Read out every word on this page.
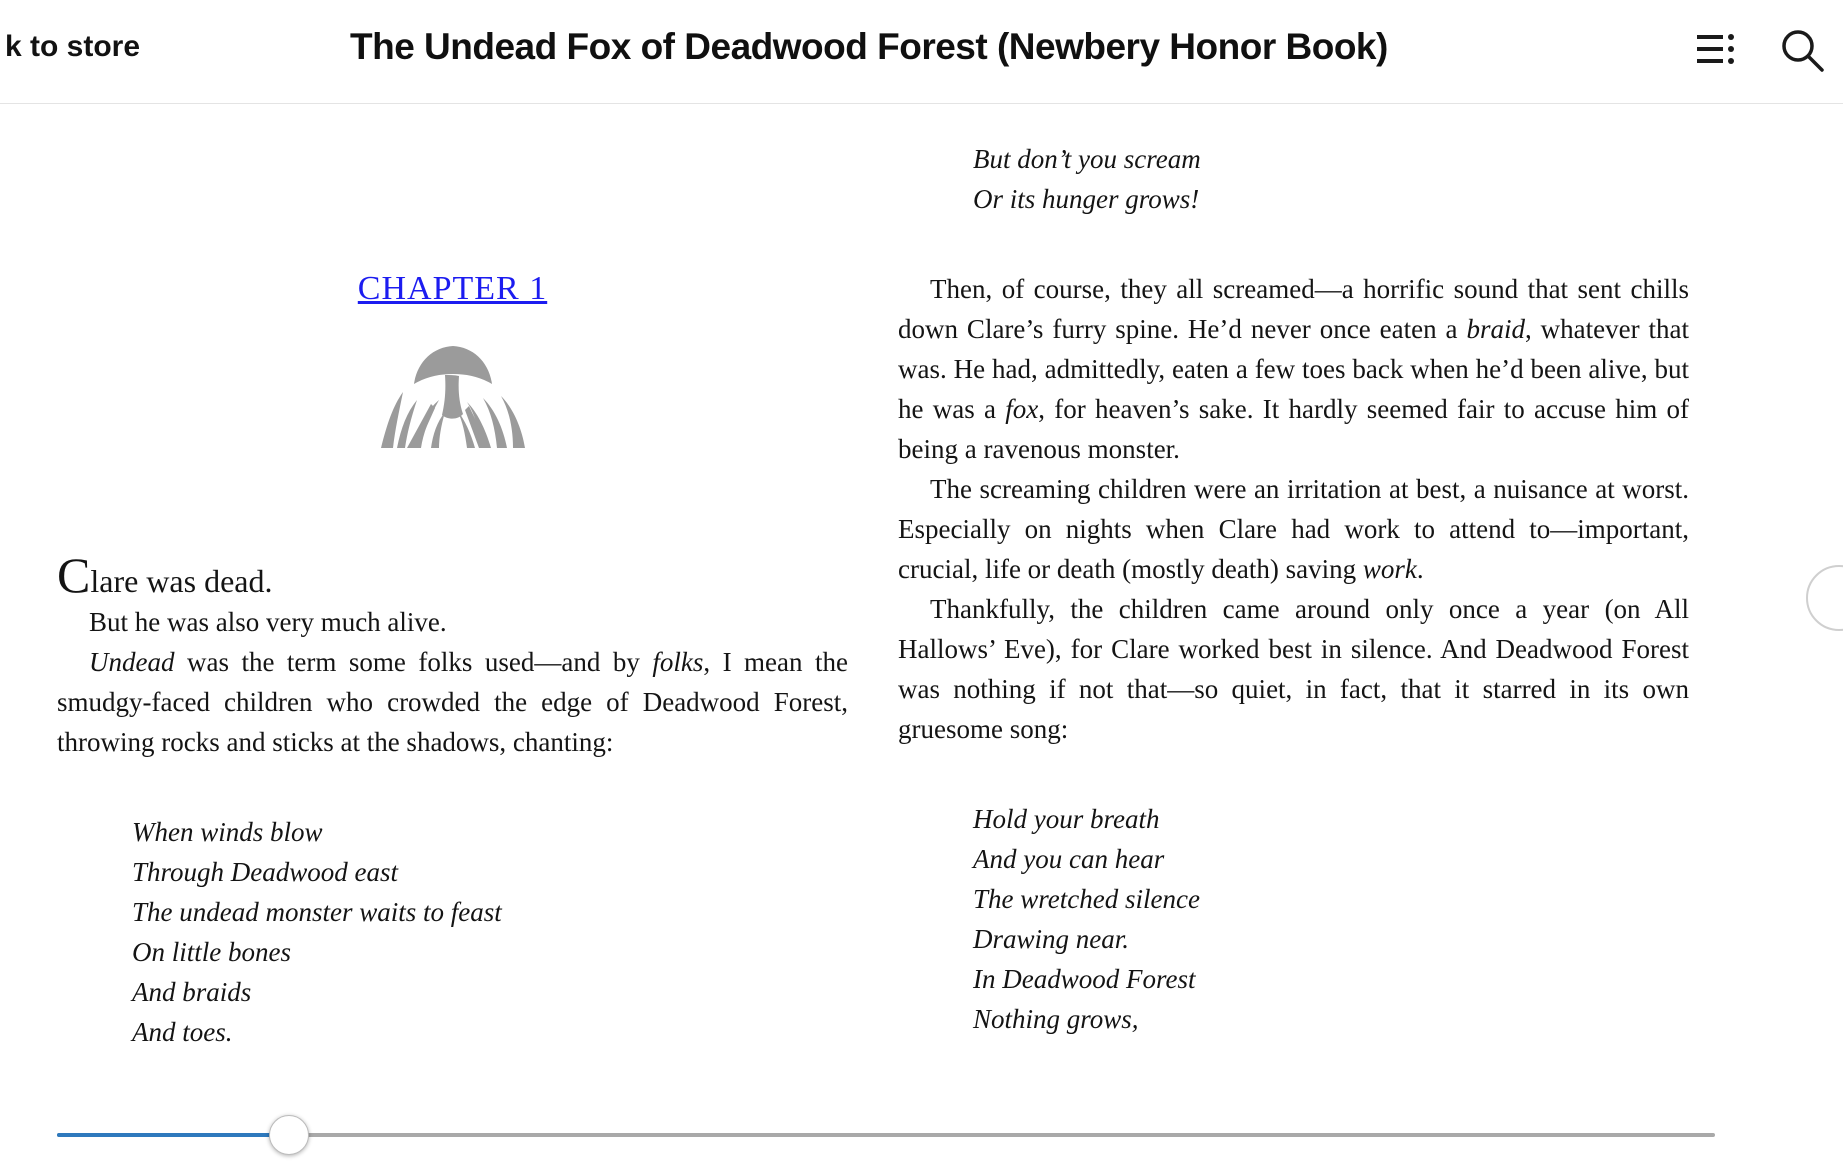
k to store	The Undead Fox of Deadwood Forest (Newbery Honor Book)
CHAPTER 1

Clare was dead.

But he was also very much alive.

Undead was the term some folks used—and by folks, I mean the smudgy-faced children who crowded the edge of Deadwood Forest, throwing rocks and sticks at the shadows, chanting:

When winds blow
Through Deadwood east
The undead monster waits to feast
On little bones
And braids
And toes.
But don’t you scream
Or its hunger grows!

Then, of course, they all screamed—a horrific sound that sent chills down Clare’s furry spine. He’d never once eaten a braid, whatever that was. He had, admittedly, eaten a few toes back when he’d been alive, but he was a fox, for heaven’s sake. It hardly seemed fair to accuse him of being a ravenous monster.

The screaming children were an irritation at best, a nuisance at worst. Especially on nights when Clare had work to attend to—important, crucial, life or death (mostly death) saving work.

Thankfully, the children came around only once a year (on All Hallows’ Eve), for Clare worked best in silence. And Deadwood Forest was nothing if not that—so quiet, in fact, that it starred in its own gruesome song:

Hold your breath
And you can hear
The wretched silence
Drawing near.
In Deadwood Forest
Nothing grows,
